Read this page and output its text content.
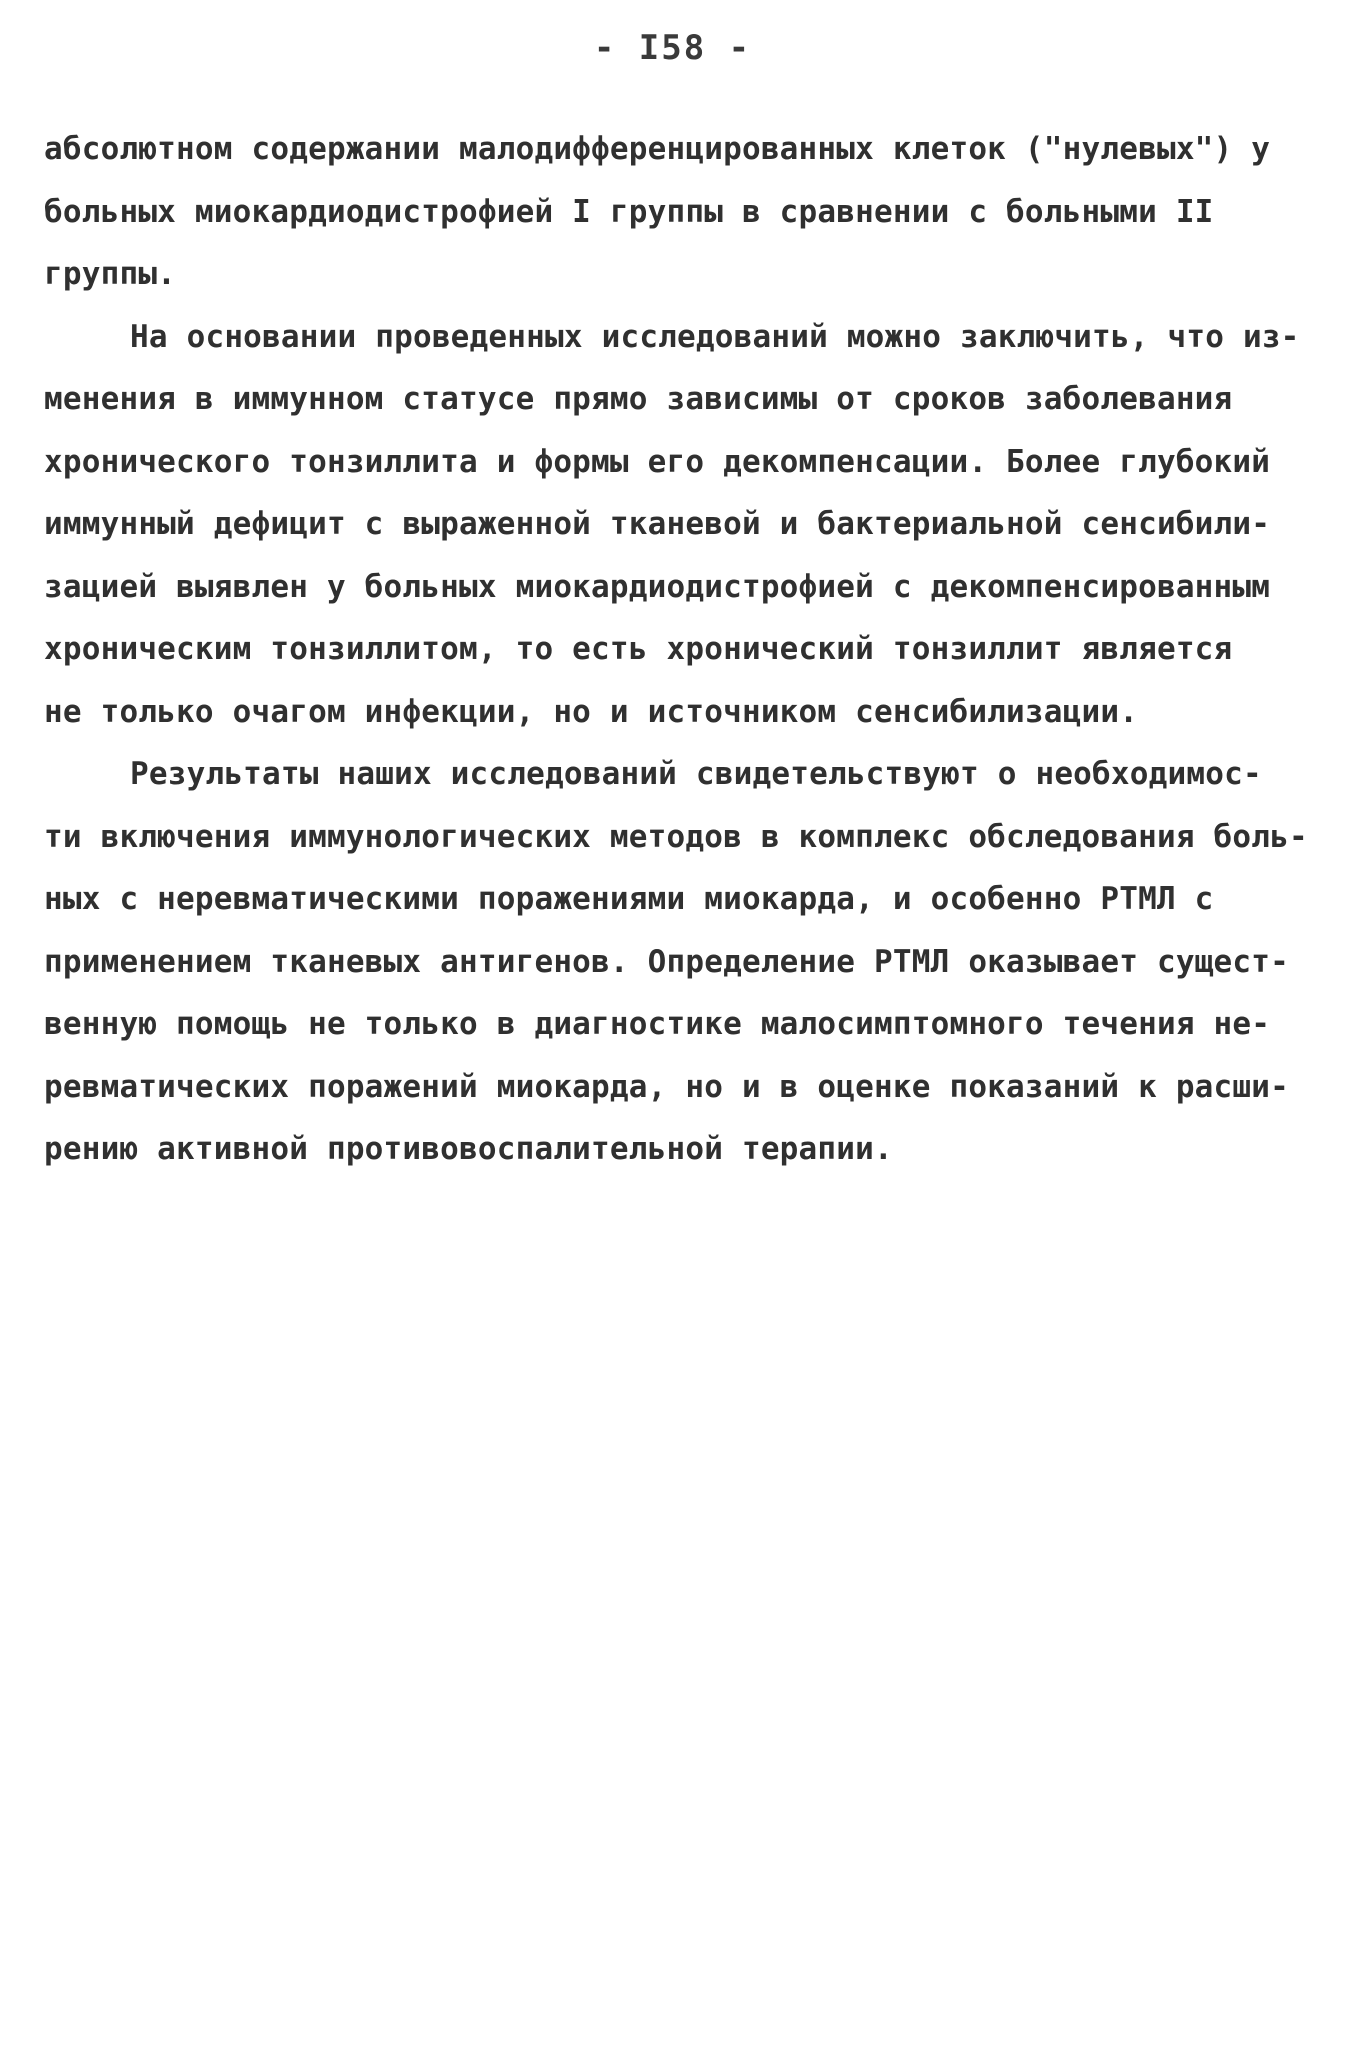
- I58 -
абсолютном содержании малодифференцированных клеток ("нулевых") у
больных миокардиодистрофией I группы в сравнении с больными II
группы.
На основании проведенных исследований можно заключить, что из-
менения в иммунном статусе прямо зависимы от сроков заболевания
хронического тонзиллита и формы его декомпенсации. Более глубокий
иммунный дефицит с выраженной тканевой и бактериальной сенсибили-
зацией выявлен у больных миокардиодистрофией с декомпенсированным
хроническим тонзиллитом, то есть хронический тонзиллит является
не только очагом инфекции, но и источником сенсибилизации.
Результаты наших исследований свидетельствуют о необходимос-
ти включения иммунологических методов в комплекс обследования боль-
ных с неревматическими поражениями миокарда, и особенно РТМЛ с
применением тканевых антигенов. Определение РТМЛ оказывает сущест-
венную помощь не только в диагностике малосимптомного течения не-
ревматических поражений миокарда, но и в оценке показаний к расши-
рению активной противовоспалительной терапии.
